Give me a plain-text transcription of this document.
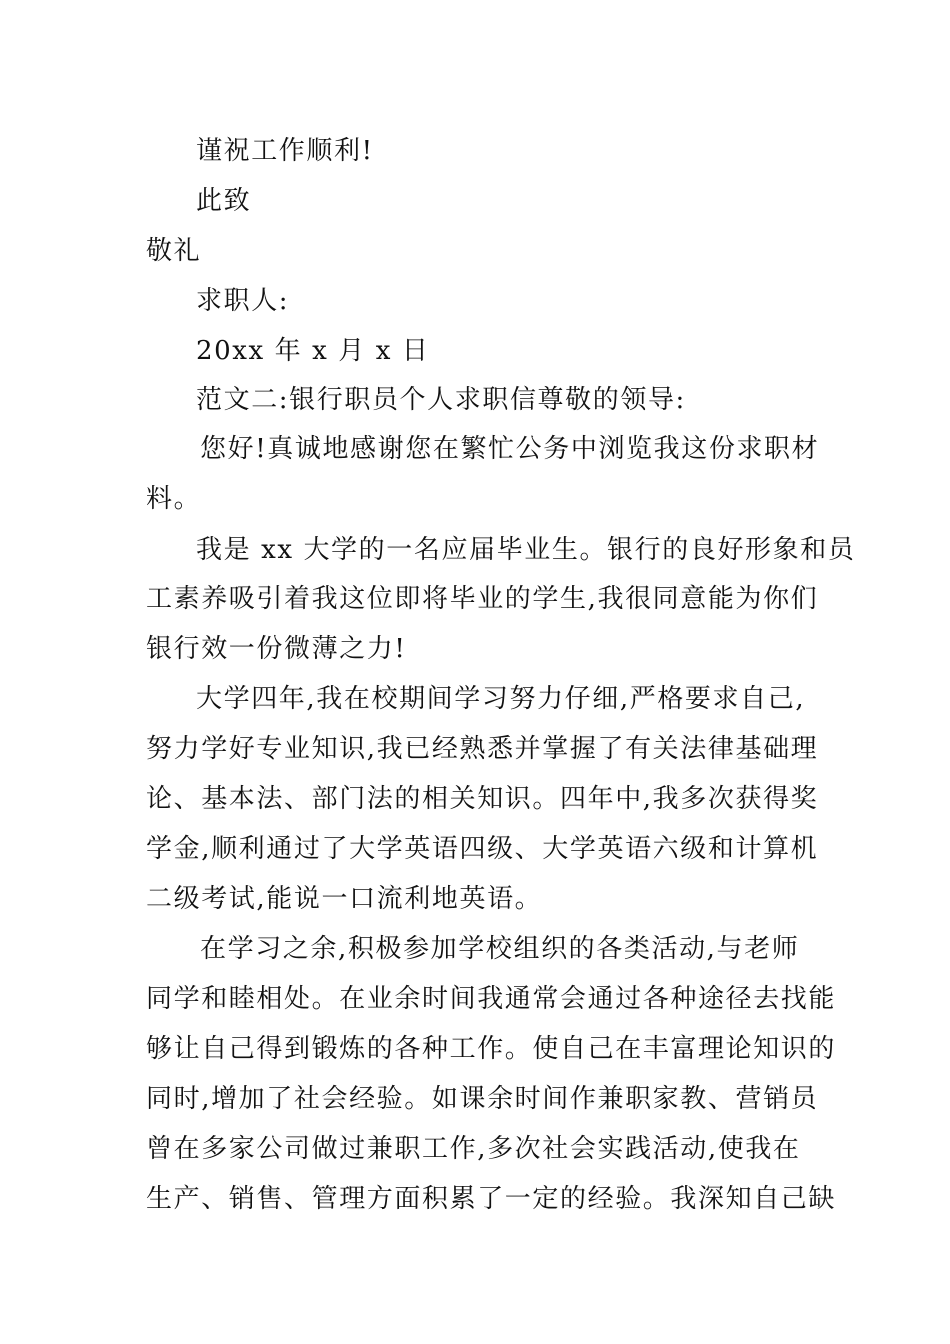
谨祝工作顺利!
此致
敬礼
求职人:
20xx 年 x 月 x 日
范文二:银行职员个人求职信尊敬的领导:
您好!真诚地感谢您在繁忙公务中浏览我这份求职材
料。
我是 xx 大学的一名应届毕业生。银行的良好形象和员
工素养吸引着我这位即将毕业的学生,我很同意能为你们
银行效一份微薄之力!
大学四年,我在校期间学习努力仔细,严格要求自己,
努力学好专业知识,我已经熟悉并掌握了有关法律基础理
论、基本法、部门法的相关知识。四年中,我多次获得奖
学金,顺利通过了大学英语四级、大学英语六级和计算机
二级考试,能说一口流利地英语。
在学习之余,积极参加学校组织的各类活动,与老师
同学和睦相处。在业余时间我通常会通过各种途径去找能
够让自己得到锻炼的各种工作。使自己在丰富理论知识的
同时,增加了社会经验。如课余时间作兼职家教、营销员
曾在多家公司做过兼职工作,多次社会实践活动,使我在
生产、销售、管理方面积累了一定的经验。我深知自己缺
